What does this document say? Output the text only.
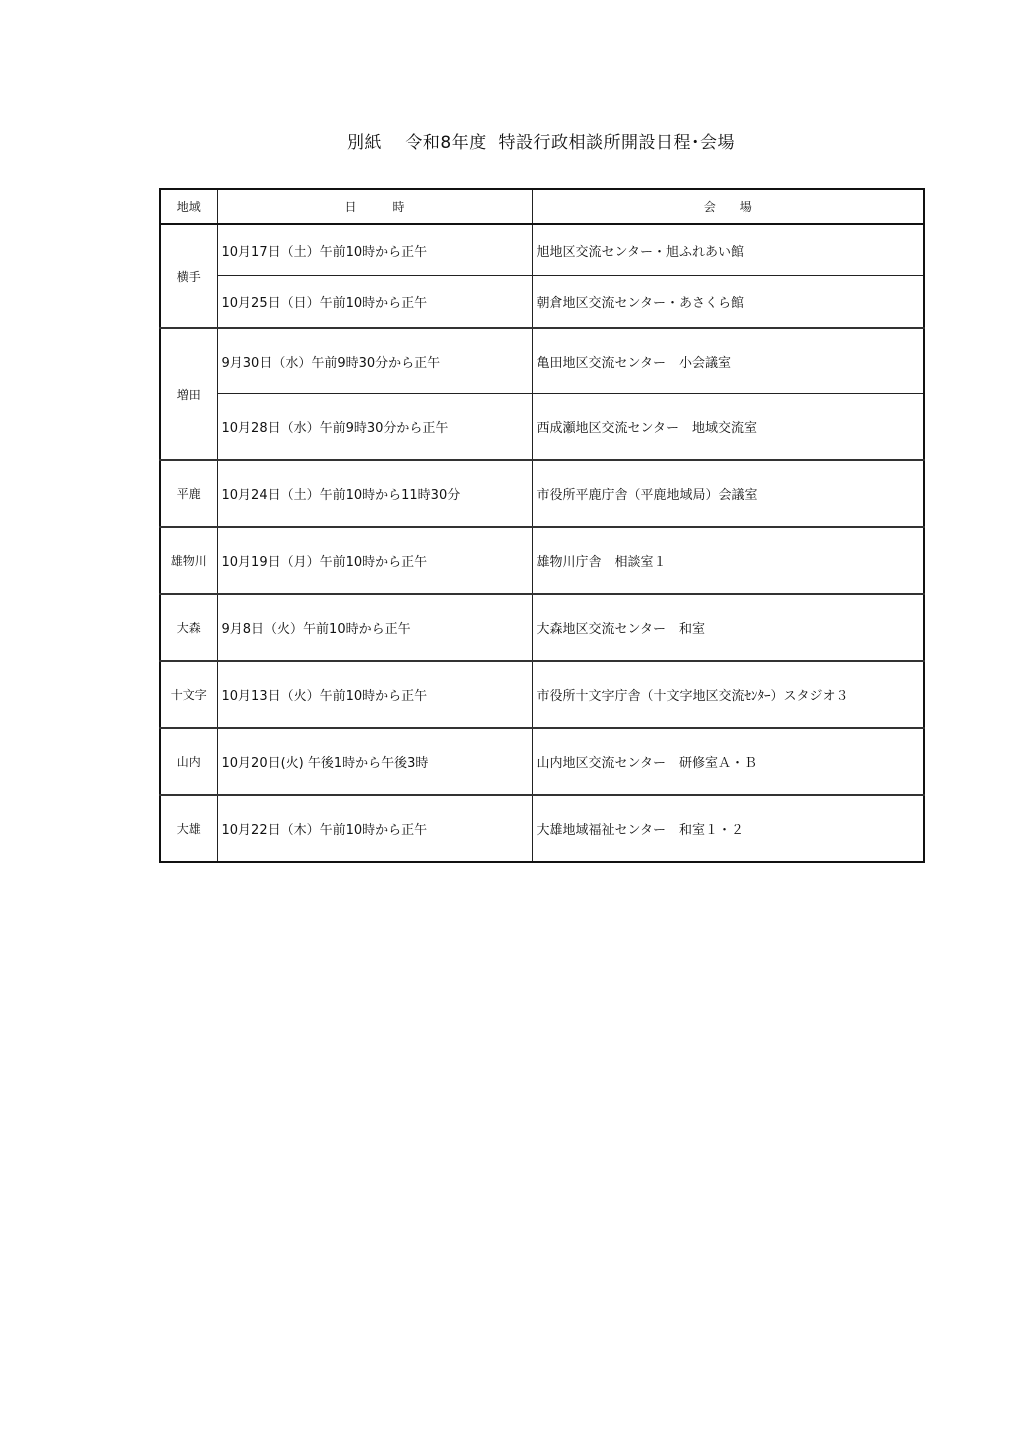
別紙　 令和8年度  特設行政相談所開設日程･会場
地域	日　　　時	会　　場
横手	10月17日（土）午前10時から正午	旭地区交流センター・旭ふれあい館
	10月25日（日）午前10時から正午	朝倉地区交流センター・あさくら館
増田	9月30日（水）午前9時30分から正午	亀田地区交流センター　小会議室
	10月28日（水）午前9時30分から正午	西成瀬地区交流センター　地域交流室
平鹿	10月24日（土）午前10時から11時30分	市役所平鹿庁舎（平鹿地域局）会議室
雄物川	10月19日（月）午前10時から正午	雄物川庁舎　相談室１
大森	9月8日（火）午前10時から正午	大森地区交流センター　和室
十文字	10月13日（火）午前10時から正午	市役所十文字庁舎（十文字地区交流ｾﾝﾀｰ）スタジオ３
山内	10月20日(火) 午後1時から午後3時	山内地区交流センター　研修室Ａ・Ｂ
大雄	10月22日（木）午前10時から正午	大雄地域福祉センター　和室１・２
